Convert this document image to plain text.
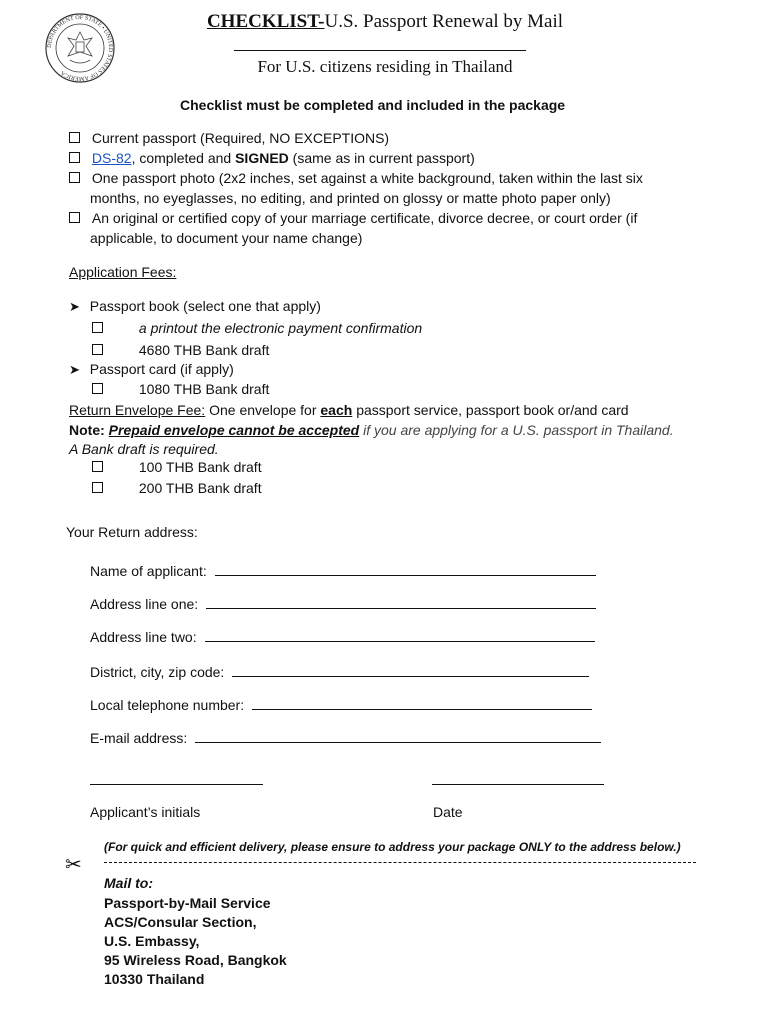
DEPARTMENT OF STATE • UNITED STATES OF AMERICA
CHECKLIST-U.S. Passport Renewal by Mail
For U.S. citizens residing in Thailand
Checklist must be completed and included in the package
Current passport (Required, NO EXCEPTIONS)
DS-82, completed and SIGNED (same as in current passport)
One passport photo (2x2 inches, set against a white background, taken within the last six
months, no eyeglasses, no editing, and printed on glossy or matte photo paper only)
An original or certified copy of your marriage certificate, divorce decree, or court order (if
applicable, to document your name change)
Application Fees:
➤ Passport book (select one that apply)
a printout the electronic payment confirmation
4680 THB Bank draft
➤ Passport card (if apply)
1080 THB Bank draft
Return Envelope Fee: One envelope for each passport service, passport book or/and card
Note: Prepaid envelope cannot be accepted if you are applying for a U.S. passport in Thailand.
A Bank draft is required.
100 THB Bank draft
200 THB Bank draft
Your Return address:
Name of applicant:
Address line one:
Address line two:
District, city, zip code:
Local telephone number:
E-mail address:
Applicant’s initials	Date
(For quick and efficient delivery, please ensure to address your package ONLY to the address below.)
✂
Mail to:
Passport-by-Mail Service
ACS/Consular Section,
U.S. Embassy,
95 Wireless Road, Bangkok
10330 Thailand
